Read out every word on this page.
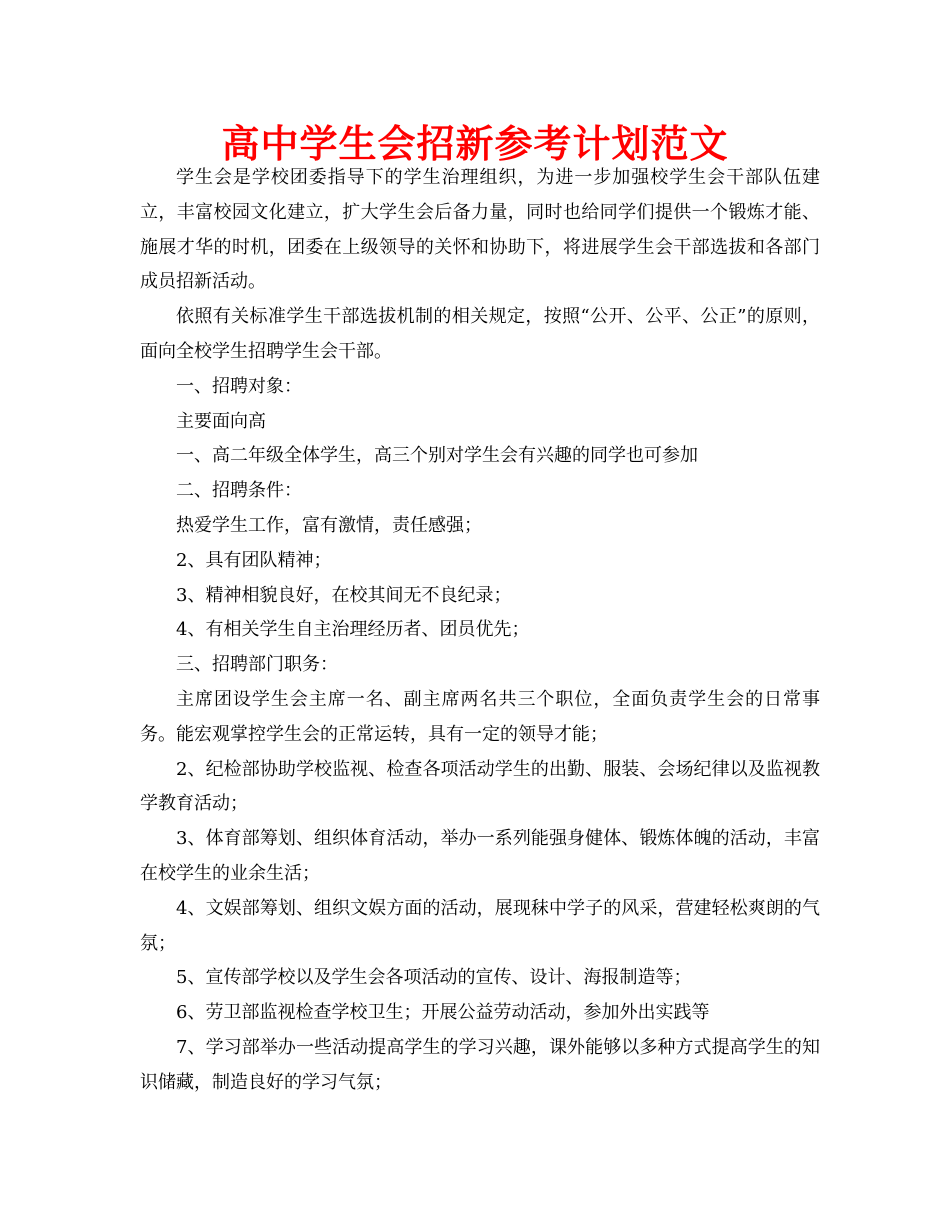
高中学生会招新参考计划范文

学生会是学校团委指导下的学生治理组织，为进一步加强校学生会干部队伍建立，丰富校园文化建立，扩大学生会后备力量，同时也给同学们提供一个锻炼才能、施展才华的时机，团委在上级领导的关怀和协助下，将进展学生会干部选拔和各部门成员招新活动。

依照有关标准学生干部选拔机制的相关规定，按照“公开、公平、公正”的原则，面向全校学生招聘学生会干部。

一、招聘对象：

主要面向高

一、高二年级全体学生，高三个别对学生会有兴趣的同学也可参加

二、招聘条件：

热爱学生工作，富有激情，责任感强；

2、具有团队精神；

3、精神相貌良好，在校其间无不良纪录；

4、有相关学生自主治理经历者、团员优先；

三、招聘部门职务：

主席团设学生会主席一名、副主席两名共三个职位，全面负责学生会的日常事务。能宏观掌控学生会的正常运转，具有一定的领导才能；

2、纪检部协助学校监视、检查各项活动学生的出勤、服装、会场纪律以及监视教学教育活动；

3、体育部筹划、组织体育活动，举办一系列能强身健体、锻炼体魄的活动，丰富在校学生的业余生活；

4、文娱部筹划、组织文娱方面的活动，展现秣中学子的风采，营建轻松爽朗的气氛；

5、宣传部学校以及学生会各项活动的宣传、设计、海报制造等；

6、劳卫部监视检查学校卫生；开展公益劳动活动，参加外出实践等

7、学习部举办一些活动提高学生的学习兴趣，课外能够以多种方式提高学生的知识储藏，制造良好的学习气氛；
